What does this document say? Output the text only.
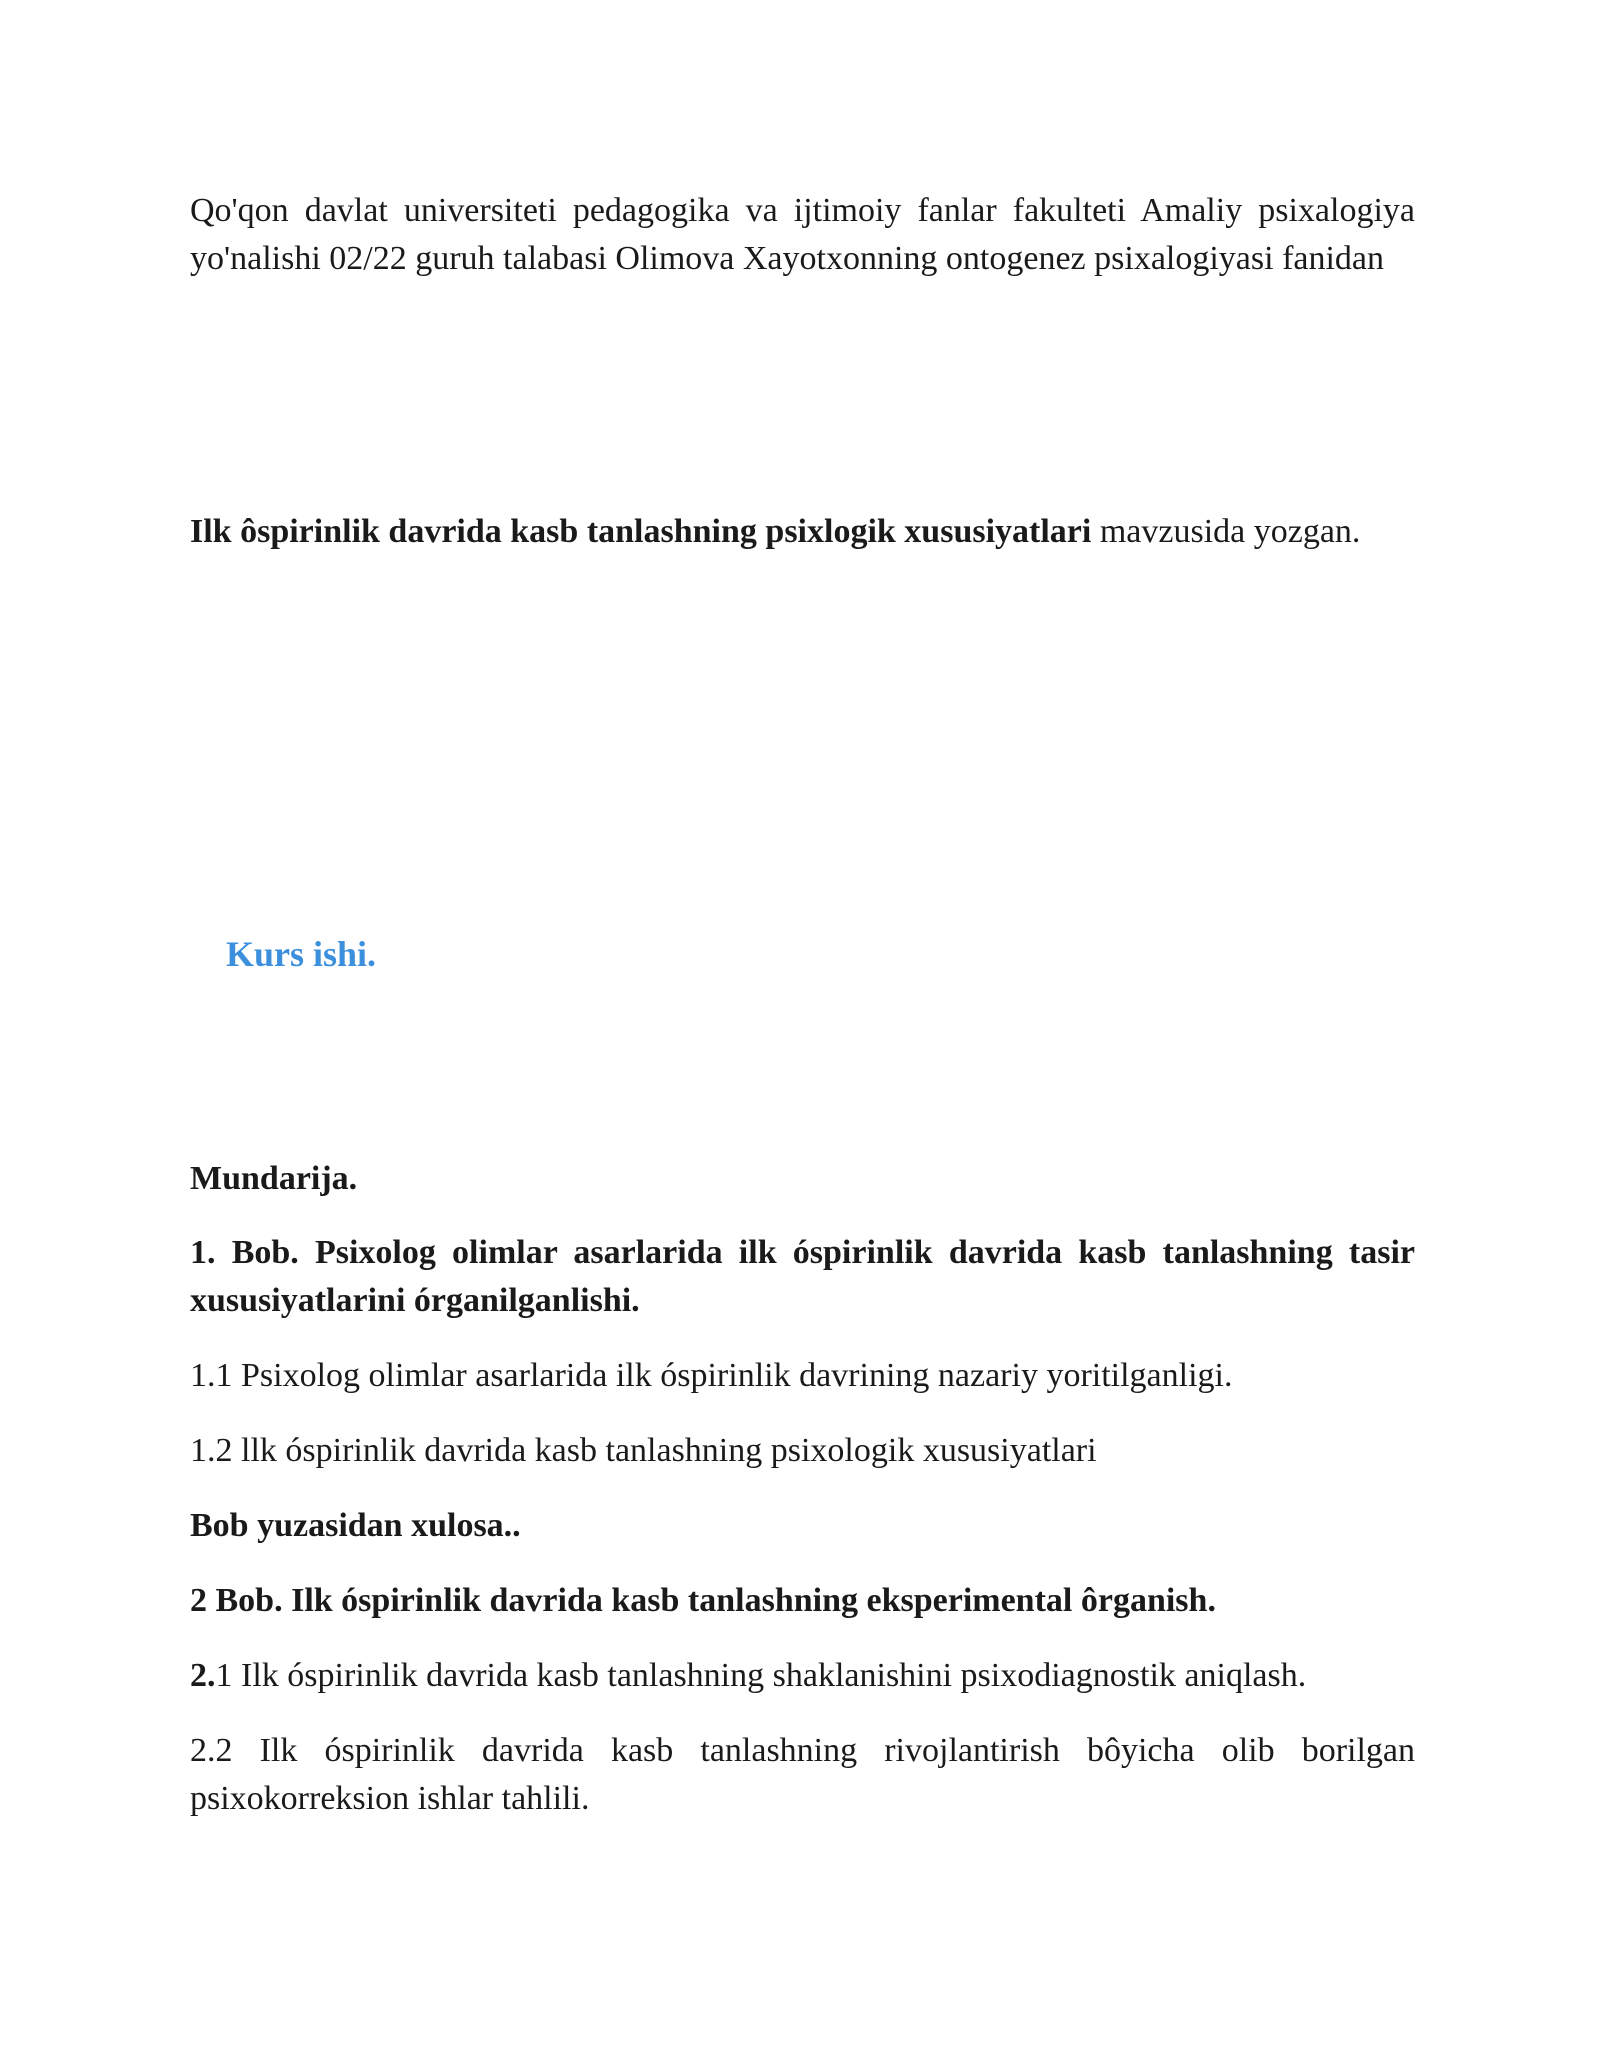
Qo'qon davlat universiteti pedagogika va ijtimoiy fanlar fakulteti Amaliy psixalogiya yo'nalishi 02/22 guruh talabasi Olimova Xayotxonning ontogenez psixalogiyasi fanidan
Ilk ôspirinlik davrida kasb tanlashning psixlogik xususiyatlari mavzusida yozgan.
Kurs ishi.
Mundarija.
1. Bob. Psixolog olimlar asarlarida ilk óspirinlik davrida kasb tanlashning tasir xususiyatlarini órganilganlishi.
1.1 Psixolog olimlar asarlarida ilk óspirinlik davrining nazariy yoritilganligi.
1.2 llk óspirinlik davrida kasb tanlashning psixologik xususiyatlari
Bob yuzasidan xulosa..
2 Bob. Ilk óspirinlik davrida kasb tanlashning eksperimental ôrganish.
2.1 Ilk óspirinlik davrida kasb tanlashning shaklanishini psixodiagnostik aniqlash.
2.2 Ilk óspirinlik davrida kasb tanlashning rivojlantirish bôyicha olib borilgan psixokorreksion ishlar tahlili.
